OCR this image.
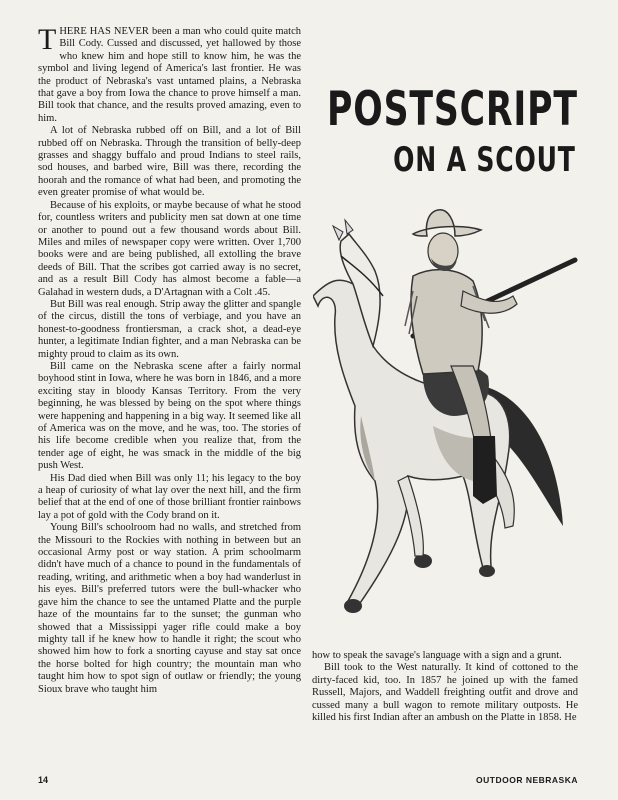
THERE HAS NEVER been a man who could quite match Bill Cody. Cussed and discussed, yet hallowed by those who knew him and hope still to know him, he was the symbol and living legend of America's last frontier. He was the product of Nebraska's vast untamed plains, a Nebraska that gave a boy from Iowa the chance to prove himself a man. Bill took that chance, and the results proved amazing, even to him.

A lot of Nebraska rubbed off on Bill, and a lot of Bill rubbed off on Nebraska. Through the transition of belly-deep grasses and shaggy buffalo and proud Indians to steel rails, sod houses, and barbed wire, Bill was there, recording the hoorah and the romance of what had been, and promoting the even greater promise of what would be.

Because of his exploits, or maybe because of what he stood for, countless writers and publicity men sat down at one time or another to pound out a few thousand words about Bill. Miles and miles of newspaper copy were written. Over 1,700 books were and are being published, all extolling the brave deeds of Bill. That the scribes got carried away is no secret, and as a result Bill Cody has almost become a fable—a Galahad in western duds, a D'Artagnan with a Colt .45.

But Bill was real enough. Strip away the glitter and spangle of the circus, distill the tons of verbiage, and you have an honest-to-goodness frontiersman, a crack shot, a dead-eye hunter, a legitimate Indian fighter, and a man Nebraska can be mighty proud to claim as its own.

Bill came on the Nebraska scene after a fairly normal boyhood stint in Iowa, where he was born in 1846, and a more exciting stay in bloody Kansas Territory. From the very beginning, he was blessed by being on the spot where things were happening and happening in a big way. It seemed like all of America was on the move, and he was, too. The stories of his life become credible when you realize that, from the tender age of eight, he was smack in the middle of the big push West.

His Dad died when Bill was only 11; his legacy to the boy a heap of curiosity of what lay over the next hill, and the firm belief that at the end of one of those brilliant frontier rainbows lay a pot of gold with the Cody brand on it.

Young Bill's schoolroom had no walls, and stretched from the Missouri to the Rockies with nothing in between but an occasional Army post or way station. A prim schoolmarm didn't have much of a chance to pound in the fundamentals of reading, writing, and arithmetic when a boy had wanderlust in his eyes. Bill's preferred tutors were the bull-whacker who gave him the chance to see the untamed Platte and the purple haze of the mountains far to the sunset; the gunman who showed that a Mississippi yager rifle could make a boy mighty tall if he knew how to handle it right; the scout who showed him how to fork a snorting cayuse and stay sat once the horse bolted for high country; the mountain man who taught him how to spot sign of outlaw or friendly; the young Sioux brave who taught him

POSTSCRIPT
ON A SCOUT

how to speak the savage's language with a sign and a grunt.

Bill took to the West naturally. It kind of cottoned to the dirty-faced kid, too. In 1857 he joined up with the famed Russell, Majors, and Waddell freighting outfit and drove and cussed many a bull wagon to remote military outposts. He killed his first Indian after an ambush on the Platte in 1858. He

14	OUTDOOR NEBRASKA
